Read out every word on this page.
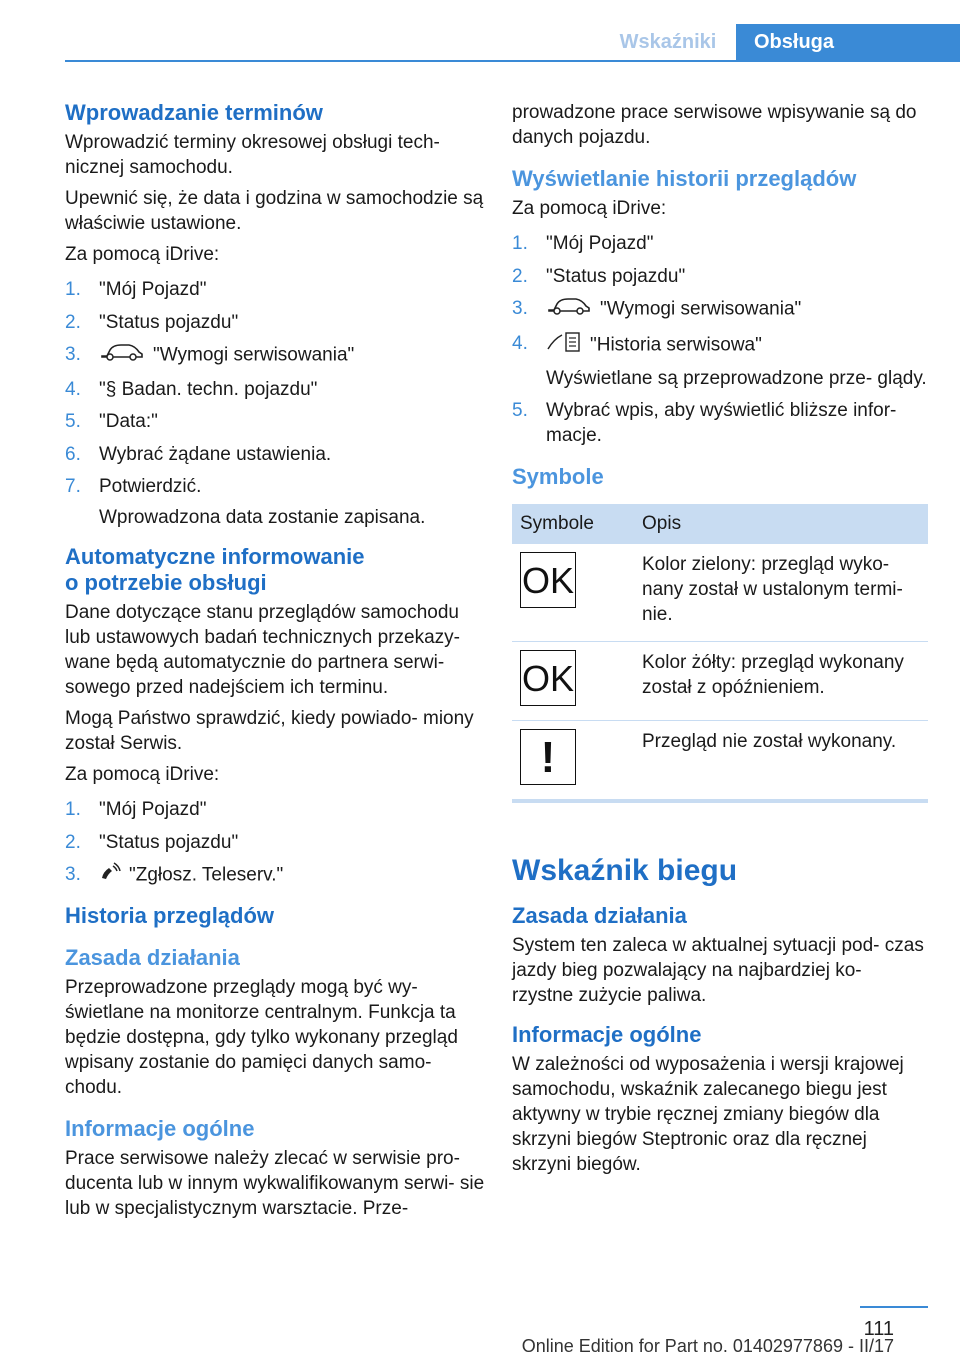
Wskaźniki	Obsługa
Wprowadzanie terminów

Wprowadzić terminy okresowej obsługi tech- nicznej samochodu.

Upewnić się, że data i godzina w samochodzie są właściwie ustawione.

Za pomocą iDrive:

1. "Mój Pojazd"
2. "Status pojazdu"
3.	"Wymogi serwisowania"
4. "§ Badan. techn. pojazdu"
5. "Data:"
6. Wybrać żądane ustawienia.
7. Potwierdzić.
Wprowadzona data zostanie zapisana.
Automatyczne informowanie
o potrzebie obsługi

Dane dotyczące stanu przeglądów samochodu lub ustawowych badań technicznych przekazy- wane będą automatycznie do partnera serwi- sowego przed nadejściem ich terminu.

Mogą Państwo sprawdzić, kiedy powiado- miony został Serwis.

Za pomocą iDrive:

1. "Mój Pojazd"
2. "Status pojazdu"
3.	"Zgłosz. Teleserv."
Historia przeglądów
Zasada działania

Przeprowadzone przeglądy mogą być wy- świetlane na monitorze centralnym. Funkcja ta będzie dostępna, gdy tylko wykonany przegląd wpisany zostanie do pamięci danych samo- chodu.

Informacje ogólne

Prace serwisowe należy zlecać w serwisie pro- ducenta lub w innym wykwalifikowanym serwi- sie lub w specjalistycznym warsztacie. Prze-

prowadzone prace serwisowe wpisywanie są do danych pojazdu.

Wyświetlanie historii przeglądów

Za pomocą iDrive:

1. "Mój Pojazd"
2. "Status pojazdu"
3.	"Wymogi serwisowania"
4.	"Historia serwisowa"
Wyświetlane są przeprowadzone prze- glądy.
5. Wybrać wpis, aby wyświetlić bliższe infor- macje.
Symbole
Symbole	Opis

OK	Kolor zielony: przegląd wyko- nany został w ustalonym termi- nie.

OK	Kolor żółty: przegląd wykonany został z opóźnieniem.

!	Przegląd nie został wykonany.
Wskaźnik biegu
Zasada działania

System ten zaleca w aktualnej sytuacji pod- czas jazdy bieg pozwalający na najbardziej ko- rzystne zużycie paliwa.

Informacje ogólne

W zależności od wyposażenia i wersji krajowej samochodu, wskaźnik zalecanego biegu jest aktywny w trybie ręcznej zmiany biegów dla skrzyni biegów Steptronic oraz dla ręcznej skrzyni biegów.

111
Online Edition for Part no. 01402977869 - II/17
